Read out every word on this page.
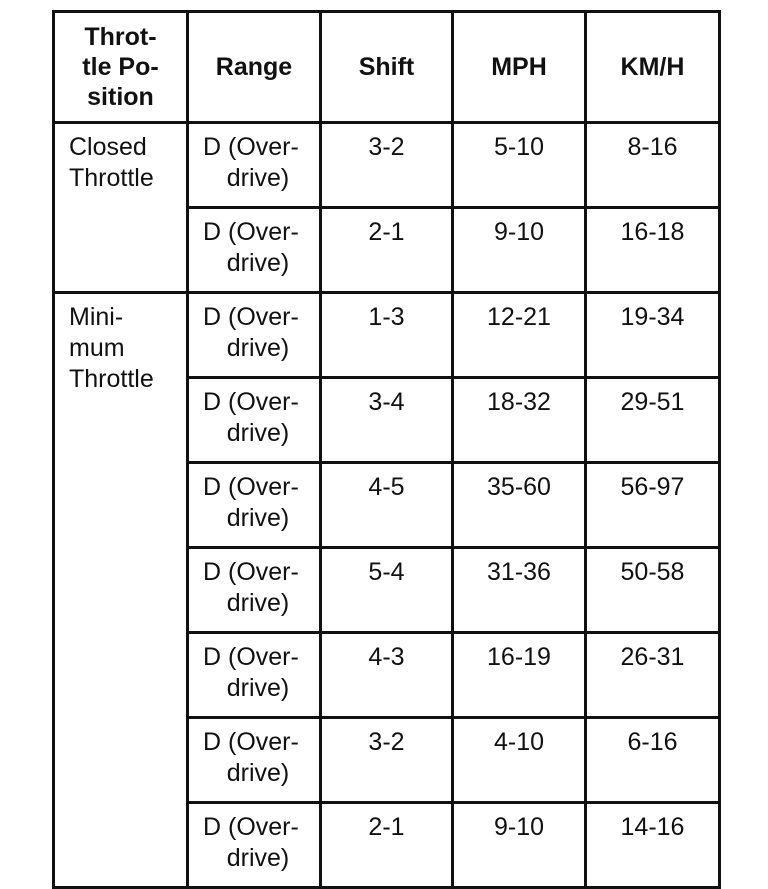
Throt-
tle Po-
sition	Range	Shift	MPH	KM/H

Closed
Throttle	D (Over-
drive)	3-2	5-10	8-16
	D (Over-
drive)	2-1	9-10	16-18

Mini-
mum
Throttle	D (Over-
drive)	1-3	12-21	19-34
	D (Over-
drive)	3-4	18-32	29-51
	D (Over-
drive)	4-5	35-60	56-97
	D (Over-
drive)	5-4	31-36	50-58
	D (Over-
drive)	4-3	16-19	26-31
	D (Over-
drive)	3-2	4-10	6-16
	D (Over-
drive)	2-1	9-10	14-16
